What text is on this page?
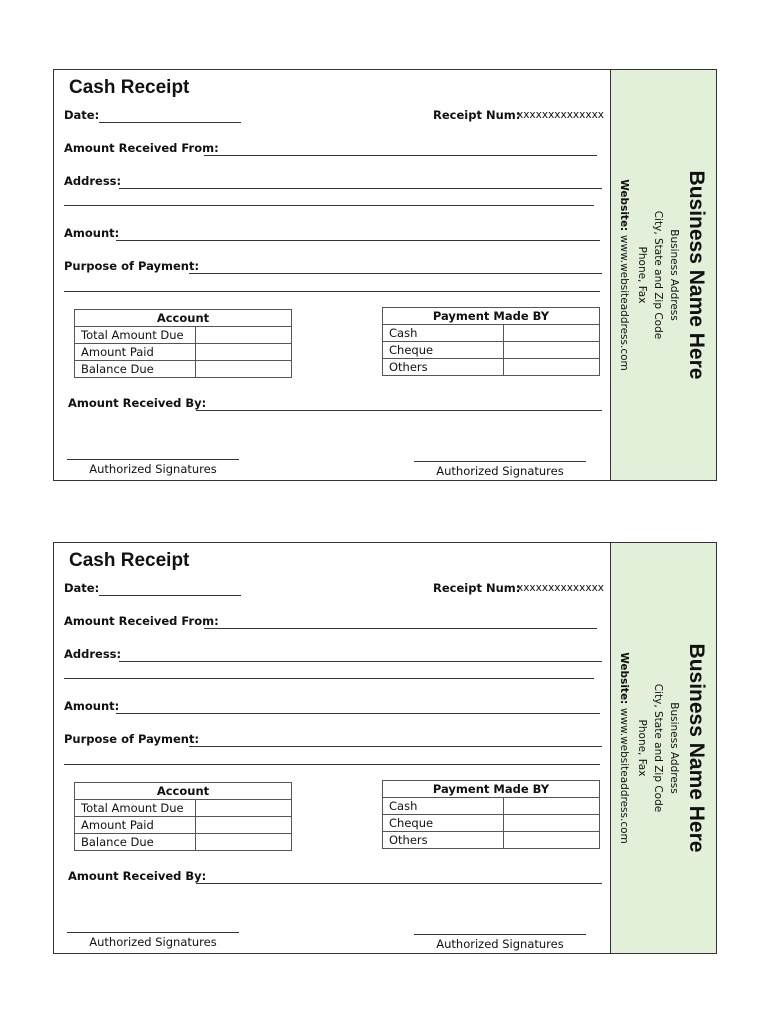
Cash Receipt
Date:	Receipt Num:
xxxxxxxxxxxxxx
Amount Received From:
Address:
Amount:
Purpose of Payment:
Account	
Total Amount Due	
Amount Paid	
Balance Due	
Payment Made BY	
Cash	
Cheque	
Others	
Amount Received By:
Authorized Signatures	Authorized Signatures
Business Name Here
Business Address
City, State and Zip Code
Phone, Fax
Website: www.websiteaddress.com
Cash Receipt
Date:	Receipt Num:
xxxxxxxxxxxxxx
Amount Received From:
Address:
Amount:
Purpose of Payment:
Account	
Total Amount Due	
Amount Paid	
Balance Due	
Payment Made BY	
Cash	
Cheque	
Others	
Amount Received By:
Authorized Signatures	Authorized Signatures
Business Name Here
Business Address
City, State and Zip Code
Phone, Fax
Website: www.websiteaddress.com
